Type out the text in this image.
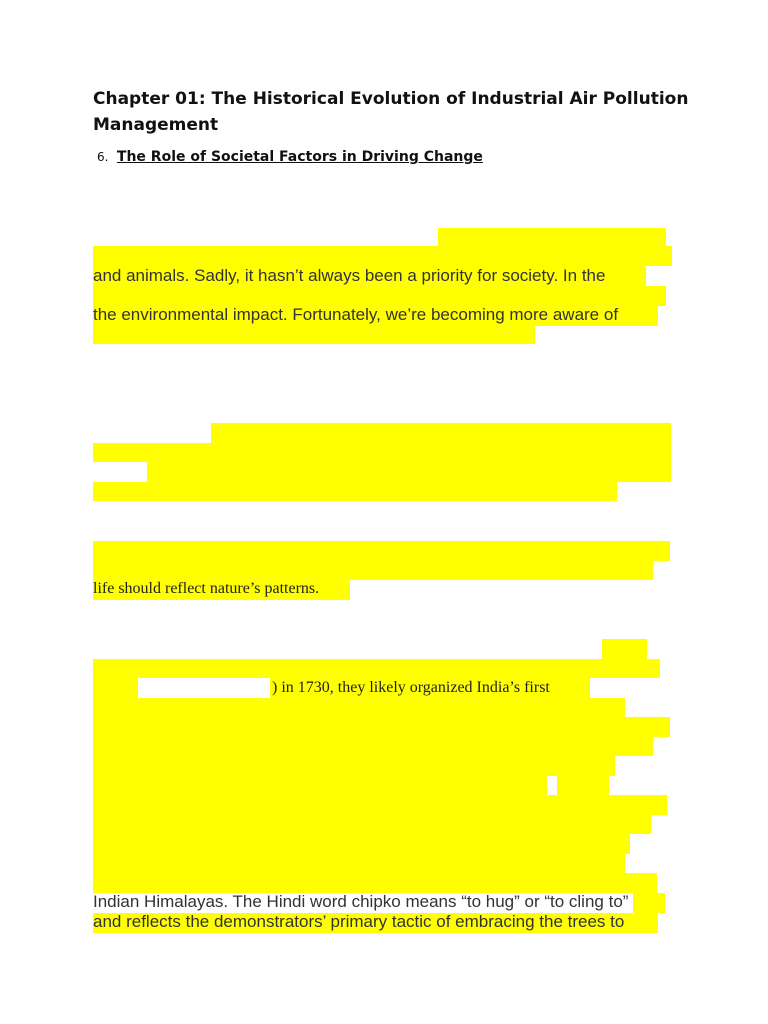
Chapter 01: The Historical Evolution of Industrial Air Pollution Management
6. The Role of Societal Factors in Driving Change
and animals. Sadly, it hasn’t always been a priority for society. In the
the environmental impact. Fortunately, we’re becoming more aware of
life should reflect nature’s patterns.
) in 1730, they likely organized India’s first
Indian Himalayas. The Hindi word chipko means “to hug” or “to cling to”
and reflects the demonstrators’ primary tactic of embracing the trees to
